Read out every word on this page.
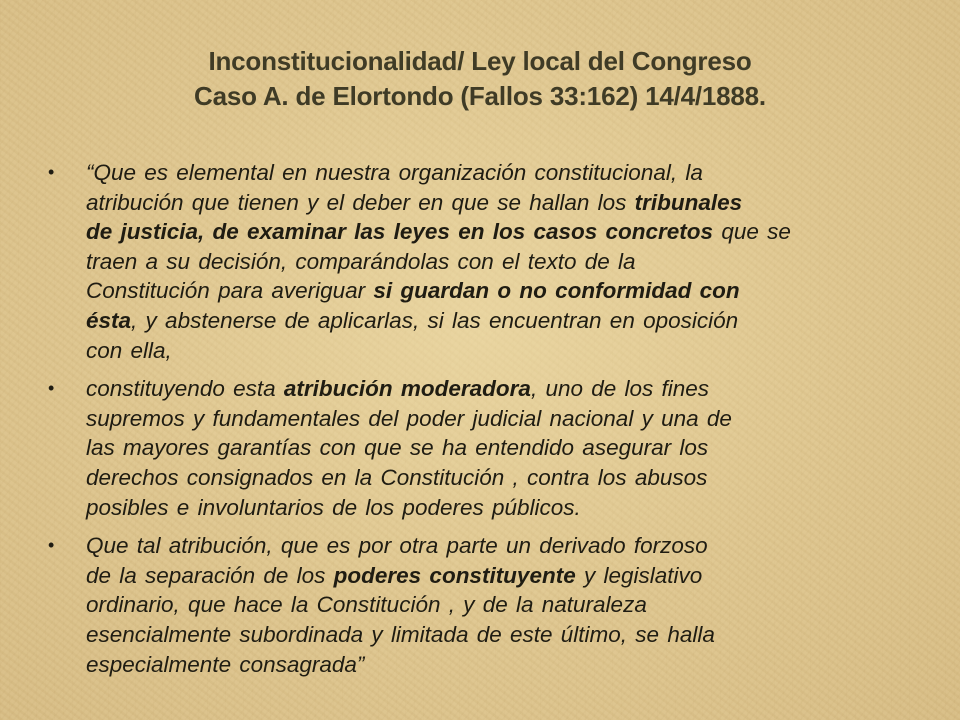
Inconstitucionalidad/ Ley local del Congreso
Caso A. de Elortondo (Fallos 33:162) 14/4/1888.
• “Que es elemental en nuestra organización constitucional, la
atribución que tienen y el deber en que se hallan los tribunales
de justicia, de examinar las leyes en los casos concretos que se
traen a su decisión, comparándolas con el texto de la
Constitución para averiguar si guardan o no conformidad con
ésta, y abstenerse de aplicarlas, si las encuentran en oposición
con ella,
• constituyendo esta atribución moderadora, uno de los fines
supremos y fundamentales del poder judicial nacional y una de
las mayores garantías con que se ha entendido asegurar los
derechos consignados en la Constitución , contra los abusos
posibles e involuntarios de los poderes públicos.
• Que tal atribución, que es por otra parte un derivado forzoso
de la separación de los poderes constituyente y legislativo
ordinario, que hace la Constitución , y de la naturaleza
esencialmente subordinada y limitada de este último, se halla
especialmente consagrada”
